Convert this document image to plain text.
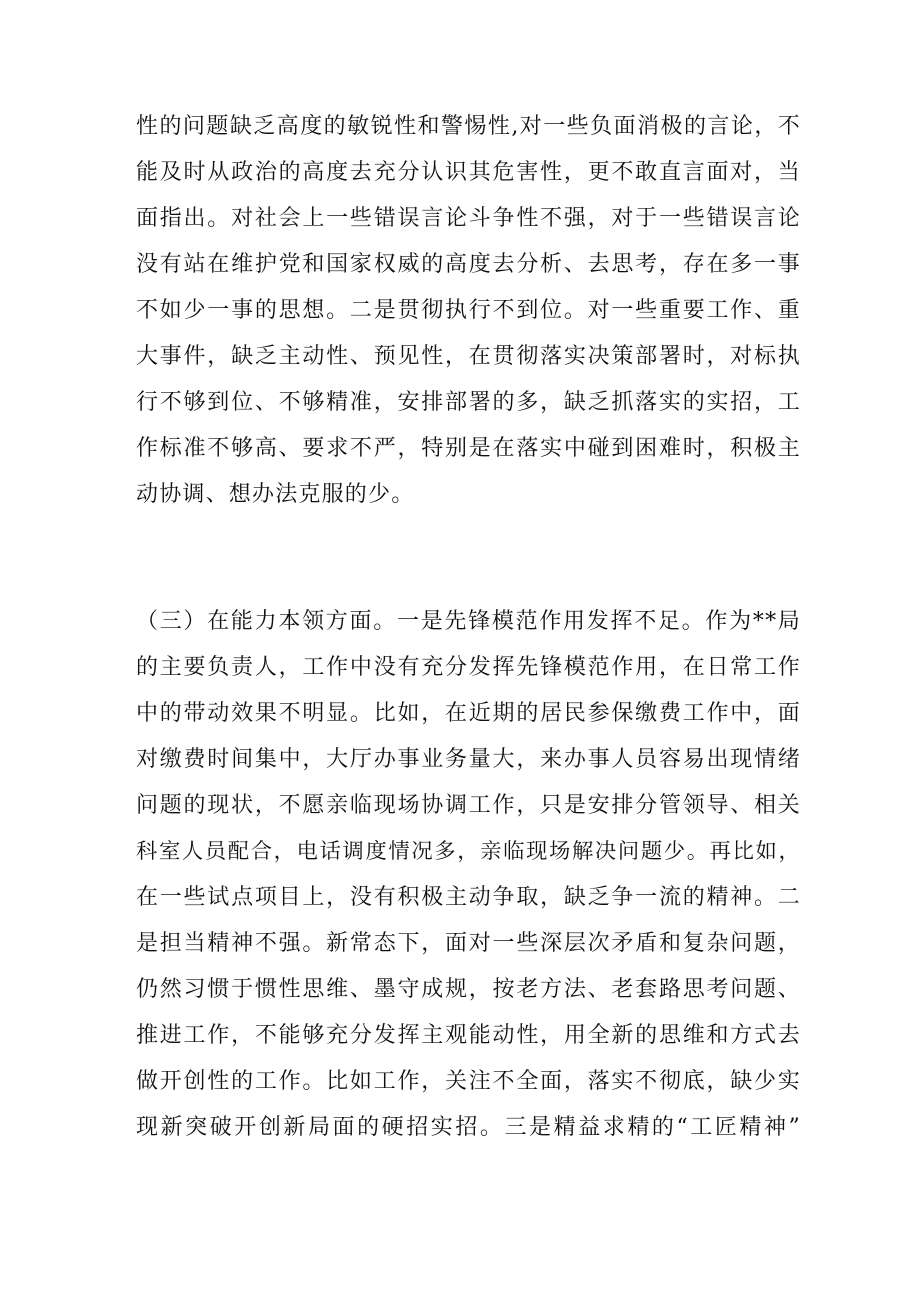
性的问题缺乏高度的敏锐性和警惕性,对一些负面消极的言论，不
能及时从政治的高度去充分认识其危害性，更不敢直言面对，当
面指出。对社会上一些错误言论斗争性不强，对于一些错误言论
没有站在维护党和国家权威的高度去分析、去思考，存在多一事
不如少一事的思想。二是贯彻执行不到位。对一些重要工作、重
大事件，缺乏主动性、预见性，在贯彻落实决策部署时，对标执
行不够到位、不够精准，安排部署的多，缺乏抓落实的实招，工
作标准不够高、要求不严，特别是在落实中碰到困难时，积极主
动协调、想办法克服的少。
（三）在能力本领方面。一是先锋模范作用发挥不足。作为**局
的主要负责人，工作中没有充分发挥先锋模范作用，在日常工作
中的带动效果不明显。比如，在近期的居民参保缴费工作中，面
对缴费时间集中，大厅办事业务量大，来办事人员容易出现情绪
问题的现状，不愿亲临现场协调工作，只是安排分管领导、相关
科室人员配合，电话调度情况多，亲临现场解决问题少。再比如，
在一些试点项目上，没有积极主动争取，缺乏争一流的精神。二
是担当精神不强。新常态下，面对一些深层次矛盾和复杂问题，
仍然习惯于惯性思维、墨守成规，按老方法、老套路思考问题、
推进工作，不能够充分发挥主观能动性，用全新的思维和方式去
做开创性的工作。比如工作，关注不全面，落实不彻底，缺少实
现新突破开创新局面的硬招实招。三是精益求精的“工匠精神”
